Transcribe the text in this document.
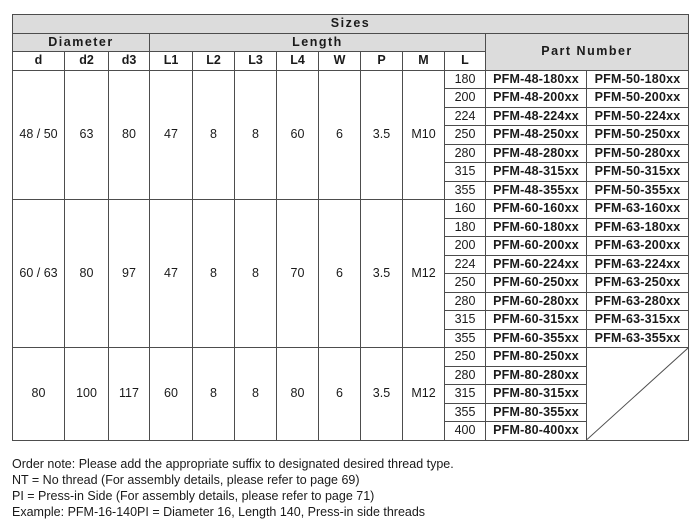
Sizes												
Diameter			Length								Part Number	
d	d2	d3	L1	L2	L3	L4	W	P	M	L		
48 / 50	63	80	47	8	8	60	6	3.5	M10	180	PFM-48-180xx	PFM-50-180xx
										200	PFM-48-200xx	PFM-50-200xx
										224	PFM-48-224xx	PFM-50-224xx
										250	PFM-48-250xx	PFM-50-250xx
										280	PFM-48-280xx	PFM-50-280xx
										315	PFM-48-315xx	PFM-50-315xx
										355	PFM-48-355xx	PFM-50-355xx
60 / 63	80	97	47	8	8	70	6	3.5	M12	160	PFM-60-160xx	PFM-63-160xx
										180	PFM-60-180xx	PFM-63-180xx
										200	PFM-60-200xx	PFM-63-200xx
										224	PFM-60-224xx	PFM-63-224xx
										250	PFM-60-250xx	PFM-63-250xx
										280	PFM-60-280xx	PFM-63-280xx
										315	PFM-60-315xx	PFM-63-315xx
										355	PFM-60-355xx	PFM-63-355xx
80	100	117	60	8	8	80	6	3.5	M12	250	PFM-80-250xx	

										280	PFM-80-280xx	
										315	PFM-80-315xx	
										355	PFM-80-355xx	
										400	PFM-80-400xx	
Order note: Please add the appropriate suffix to designated desired thread type.
NT = No thread (For assembly details, please refer to page 69)
PI = Press-in Side (For assembly details, please refer to page 71)
Example: PFM-16-140PI = Diameter 16, Length 140, Press-in side threads
